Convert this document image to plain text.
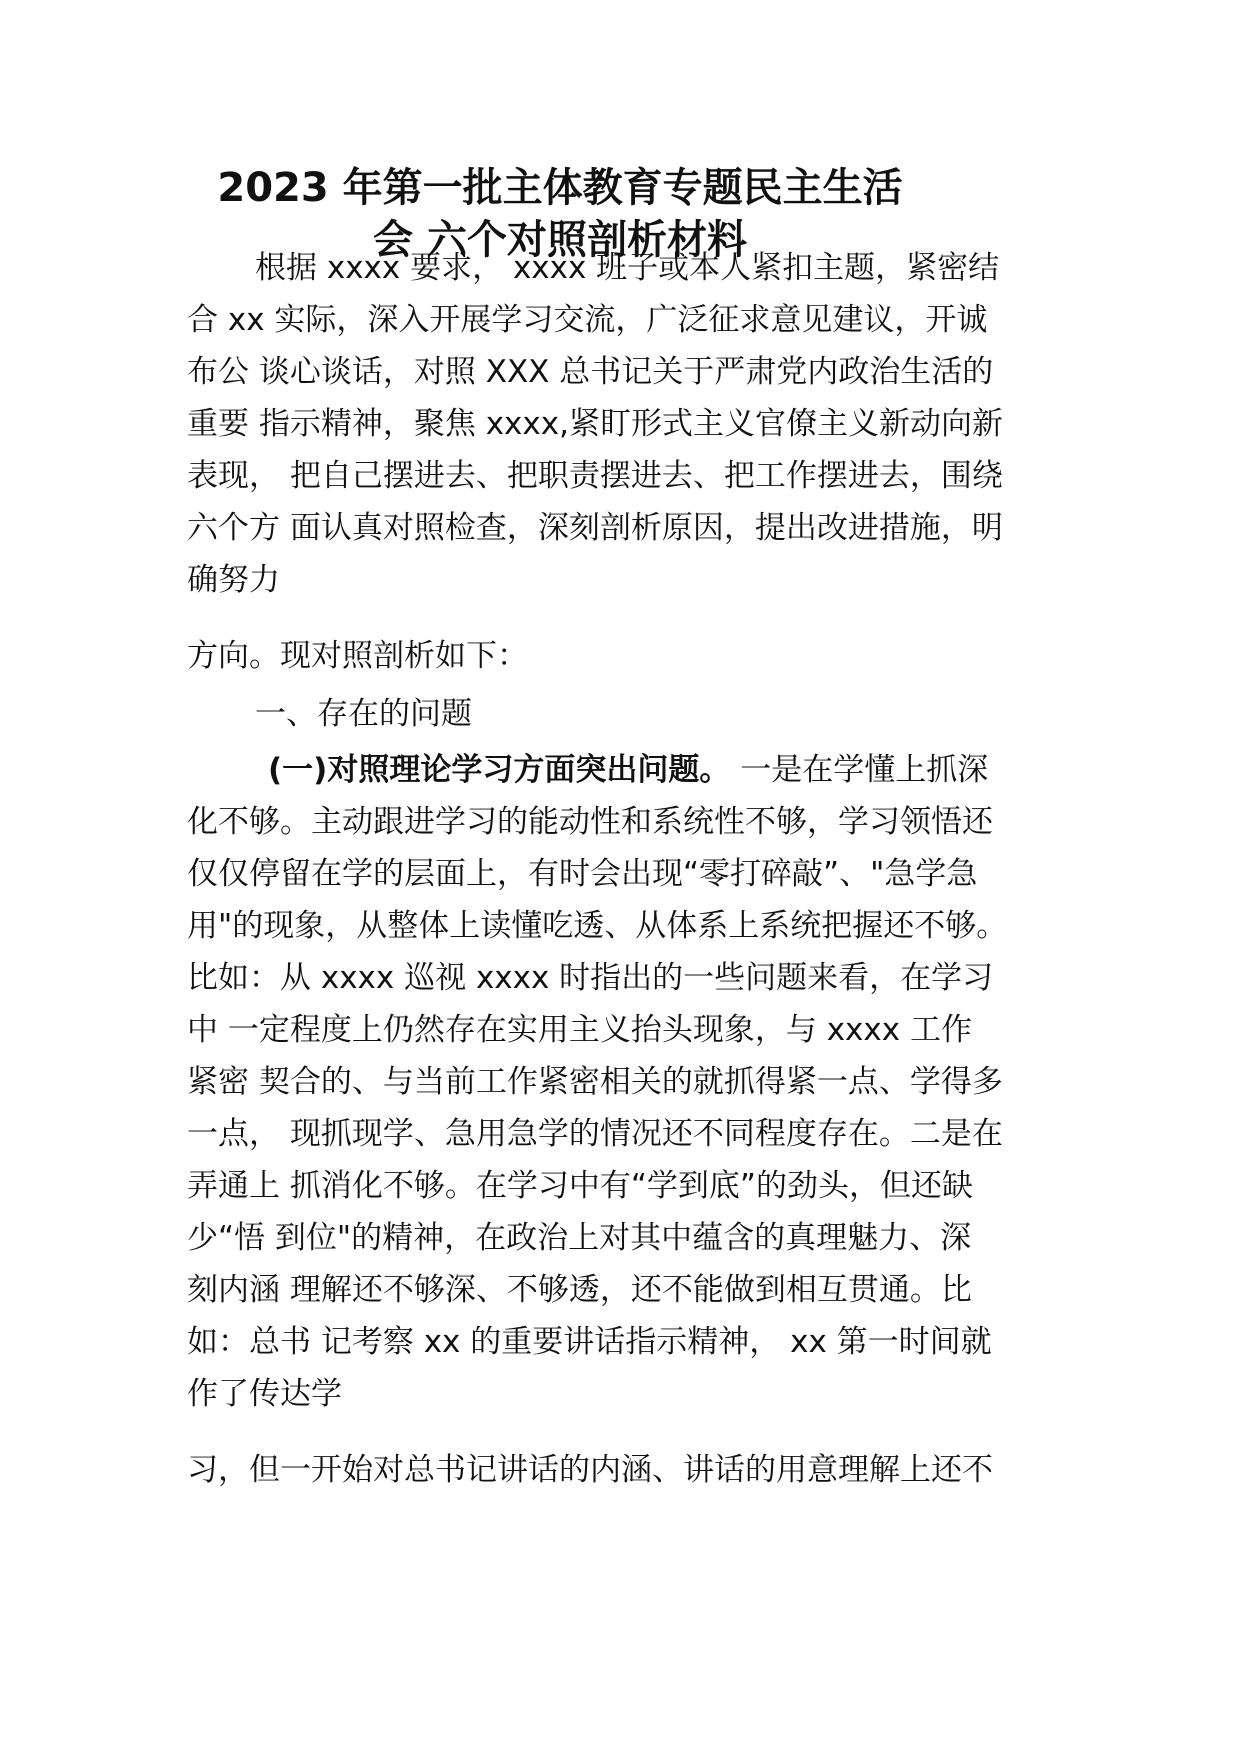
2023 年第一批主体教育专题民主生活
会 六个对照剖析材料

根据 xxxx 要求， xxxx 班子或本人紧扣主题，紧密结

合 xx 实际，深入开展学习交流，广泛征求意见建议，开诚

布公 谈心谈话，对照 XXX 总书记关于严肃党内政治生活的

重要 指示精神，聚焦 xxxx,紧盯形式主义官僚主义新动向新

表现， 把自己摆进去、把职责摆进去、把工作摆进去，围绕

六个方 面认真对照检查，深刻剖析原因，提出改进措施，明

确努力

方向。现对照剖析如下：

一、存在的问题

(一)对照理论学习方面突出问题。 一是在学懂上抓深

化不够。主动跟进学习的能动性和系统性不够，学习领悟还

仅仅停留在学的层面上，有时会出现“零打碎敲”、"急学急

用"的现象，从整体上读懂吃透、从体系上系统把握还不够。

比如：从 xxxx 巡视 xxxx 时指出的一些问题来看，在学习

中 一定程度上仍然存在实用主义抬头现象，与 xxxx 工作

紧密 契合的、与当前工作紧密相关的就抓得紧一点、学得多

一点， 现抓现学、急用急学的情况还不同程度存在。二是在

弄通上 抓消化不够。在学习中有“学到底”的劲头，但还缺

少“悟 到位"的精神，在政治上对其中蕴含的真理魅力、深

刻内涵 理解还不够深、不够透，还不能做到相互贯通。比

如：总书 记考察 xx 的重要讲话指示精神， xx 第一时间就

作了传达学

习，但一开始对总书记讲话的内涵、讲话的用意理解上还不
